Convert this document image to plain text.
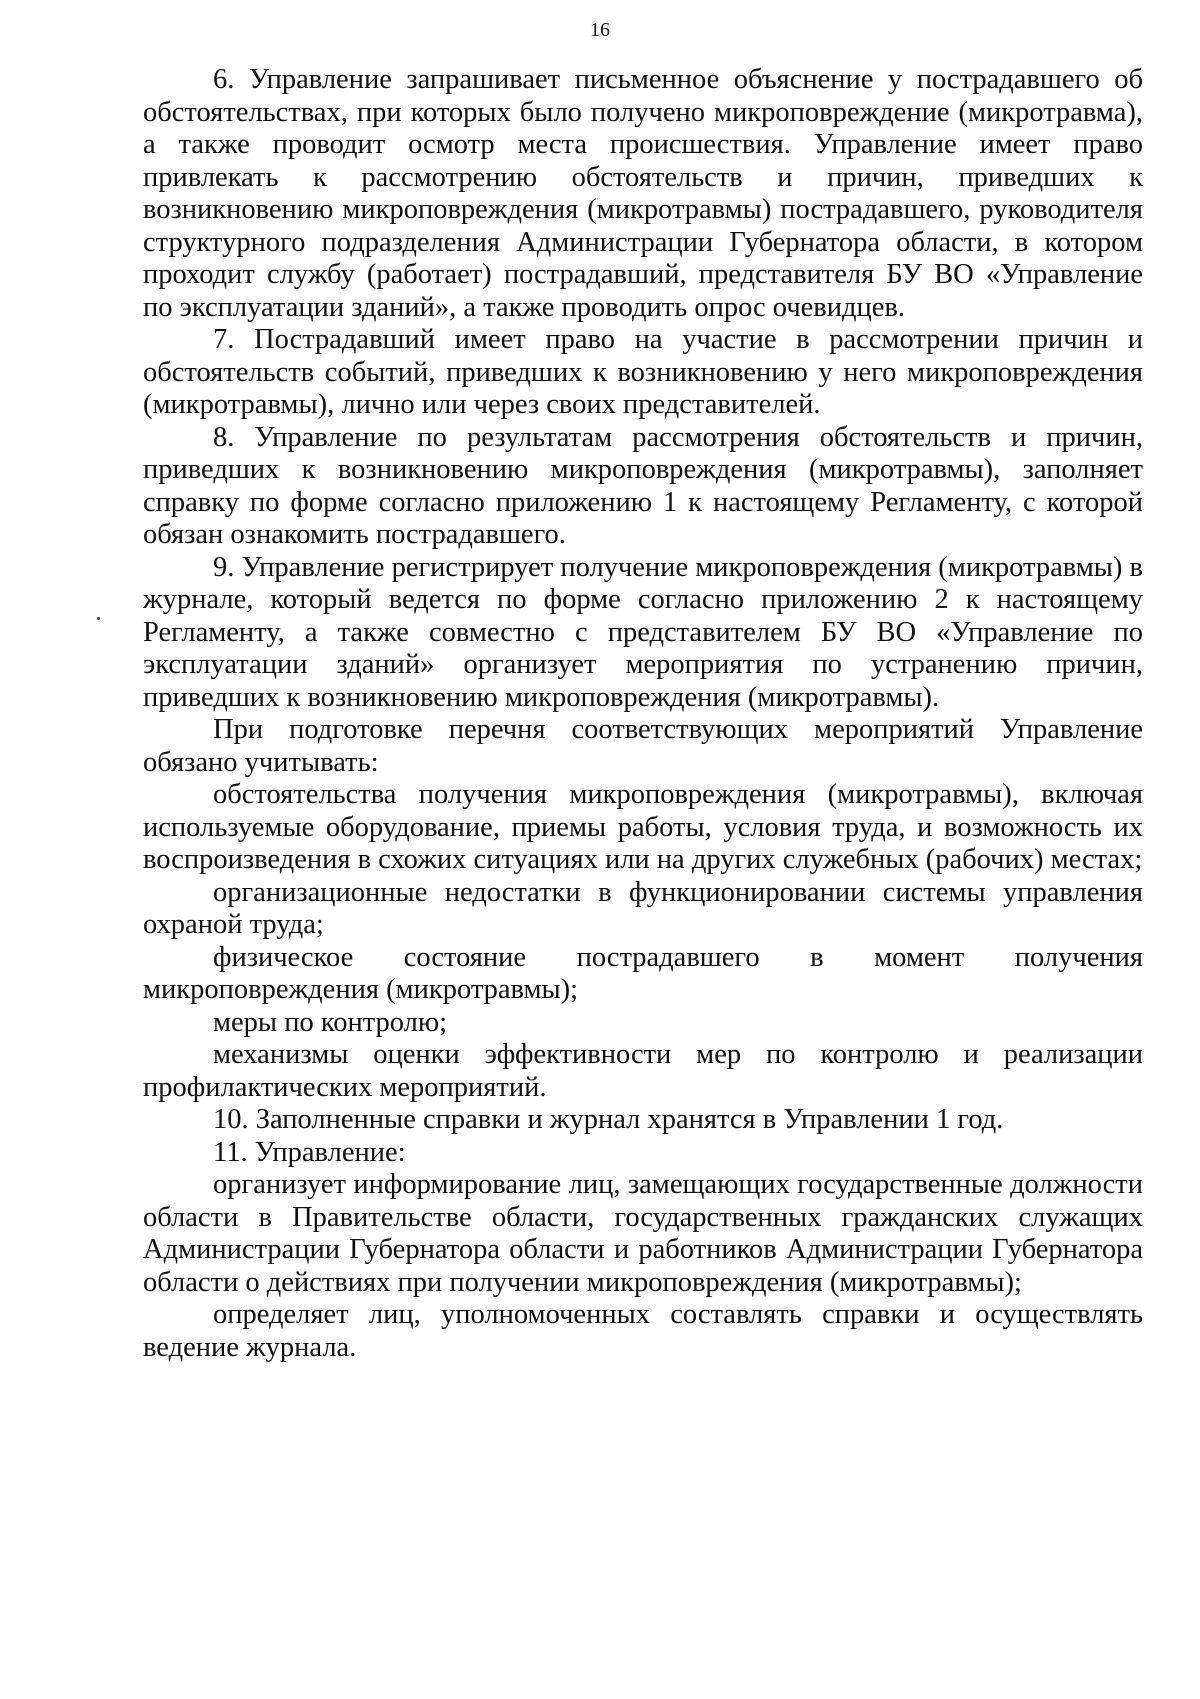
16

6. Управление запрашивает письменное объяснение у пострадавшего об обстоятельствах, при которых было получено микроповреждение (микротравма), а также проводит осмотр места происшествия. Управление имеет право привлекать к рассмотрению обстоятельств и причин, приведших к возникновению микроповреждения (микротравмы) пострадавшего, руководителя структурного подразделения Администрации Губернатора области, в котором проходит службу (работает) пострадавший, представителя БУ ВО «Управление по эксплуатации зданий», а также проводить опрос очевидцев.

7. Пострадавший имеет право на участие в рассмотрении причин и обстоятельств событий, приведших к возникновению у него микроповреждения (микротравмы), лично или через своих представителей.

8. Управление по результатам рассмотрения обстоятельств и причин, приведших к возникновению микроповреждения (микротравмы), заполняет справку по форме согласно приложению 1 к настоящему Регламенту, с которой обязан ознакомить пострадавшего.

9. Управление регистрирует получение микроповреждения (микротравмы) в журнале, который ведется по форме согласно приложению 2 к настоящему Регламенту, а также совместно с представителем БУ ВО «Управление по эксплуатации зданий» организует мероприятия по устранению причин, приведших к возникновению микроповреждения (микротравмы).

При подготовке перечня соответствующих мероприятий Управление обязано учитывать:

обстоятельства получения микроповреждения (микротравмы), включая используемые оборудование, приемы работы, условия труда, и возможность их воспроизведения в схожих ситуациях или на других служебных (рабочих) местах;

организационные недостатки в функционировании системы управления охраной труда;

физическое состояние пострадавшего в момент получения микроповреждения (микротравмы);

меры по контролю;

механизмы оценки эффективности мер по контролю и реализации профилактических мероприятий.

10. Заполненные справки и журнал хранятся в Управлении 1 год.

11. Управление:

организует информирование лиц, замещающих государственные должности области в Правительстве области, государственных гражданских служащих Администрации Губернатора области и работников Администрации Губернатора области о действиях при получении микроповреждения (микротравмы);

определяет лиц, уполномоченных составлять справки и осуществлять ведение журнала.
